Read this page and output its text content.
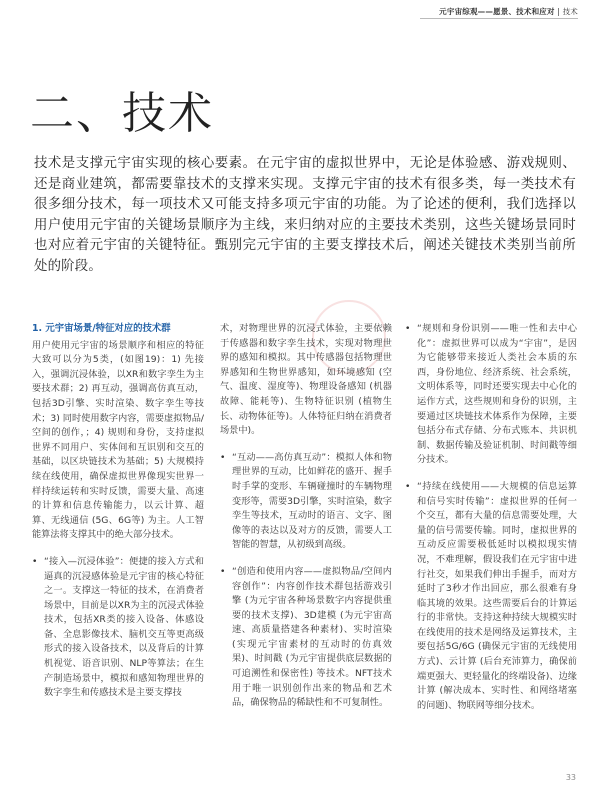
元宇宙综观——愿景、技术和应对 | 技术
二、技术
技术是支撑元宇宙实现的核心要素。在元宇宙的虚拟世界中，无论是体验感、游戏规则、还是商业建筑，都需要靠技术的支撑来实现。支撑元宇宙的技术有很多类，每一类技术有很多细分技术，每一项技术又可能支持多项元宇宙的功能。为了论述的便利，我们选择以用户使用元宇宙的关键场景顺序为主线，来归纳对应的主要技术类别，这些关键场景同时也对应着元宇宙的关键特征。甄别完元宇宙的主要支撑技术后，阐述关键技术类别当前所处的阶段。
1. 元宇宙场景/特征对应的技术群

用户使用元宇宙的场景顺序和相应的特征大致可以分为5类，(如图19)：1) 先接入，强调沉浸体验，以XR和数字孪生为主要技术群；2) 再互动，强调高仿真互动，包括3D引擎、实时渲染、数字孪生等技术；3) 同时使用数字内容，需要虚拟物品/空间的创作，；4) 规则和身份，支持虚拟世界不同用户、实体间和互识别和交互的基础，以区块链技术为基础；5) 大规模持续在线使用，确保虚拟世界像现实世界一样持续运转和实时反馈，需要大量、高速的计算和信息传输能力，以云计算、超算、无线通信 (5G、6G等) 为主。人工智能算法将支撑其中的绝大部分技术。

• “接入—沉浸体验”：便捷的接入方式和逼真的沉浸感体验是元宇宙的核心特征之一。支撑这一特征的技术，在消费者场景中，目前是以XR为主的沉浸式体验技术，包括XR类的接入设备、体感设备、全息影像技术、脑机交互等更高级形式的接入设备技术，以及背后的计算机视觉、语音识别、NLP等算法；在生产制造场景中，模拟和感知物理世界的数字孪生和传感技术是主要支撑技

术，对物理世界的沉浸式体验，主要依赖于传感器和数字孪生技术，实现对物理世界的感知和模拟。其中传感器包括物理世界感知和生物世界感知，如环境感知 (空气、温度、湿度等)、物理设备感知 (机器故障、能耗等)、生物特征识别 (植物生长、动物体征等)。人体特征归纳在消费者场景中)。

• “互动——高仿真互动”：模拟人体和物理世界的互动，比如鲜花的盛开、握手时手掌的变形、车辆碰撞时的车辆物理变形等，需要3D引擎，实时渲染，数字孪生等技术，互动时的语言、文字、图像等的表达以及对方的反馈，需要人工智能的智慧，从初级到高级。

• “创造和使用内容——虚拟物品/空间内容创作”：内容创作技术群包括游戏引擎 (为元宇宙各种场景数字内容提供重要的技术支撑)、3D建模 (为元宇宙高速、高质量搭建各种素材)、实时渲染 (实现元宇宙素材的互动时的仿真效果)、时间戳 (为元宇宙提供底层数据的可追溯性和保密性) 等技术。NFT技术用于唯一识别创作出来的物品和艺术品，确保物品的稀缺性和不可复制性。

• “规则和身份识别——唯一性和去中心化”：虚拟世界可以成为“宇宙”，是因为它能够带来接近人类社会本质的东西，身份地位、经济系统、社会系统，文明体系等，同时还要实现去中心化的运作方式，这些规则和身份的识别，主要通过区块链技术体系作为保障，主要包括分布式存储、分布式账本、共识机制、数据传输及验证机制、时间戳等细分技术。

• “持续在线使用——大规模的信息运算和信号实时传输”：虚拟世界的任何一个交互，都有大量的信息需要处理，大量的信号需要传输。同时，虚拟世界的互动反应需要极低延时以模拟现实情况，不难理解，假设我们在元宇宙中进行社交，如果我们伸出手握手，而对方延时了3秒才作出回应，那么很难有身临其境的效果。这些需要后台的计算运行的非常快。支持这种持续大规模实时在线使用的技术是网络及运算技术，主要包括5G/6G (确保元宇宙的无线使用方式)、云计算 (后台充沛算力，确保前端更强大、更轻量化的终端设备)、边缘计算 (解决成本、实时性、和网络堵塞的问题)、物联网等细分技术。

33
